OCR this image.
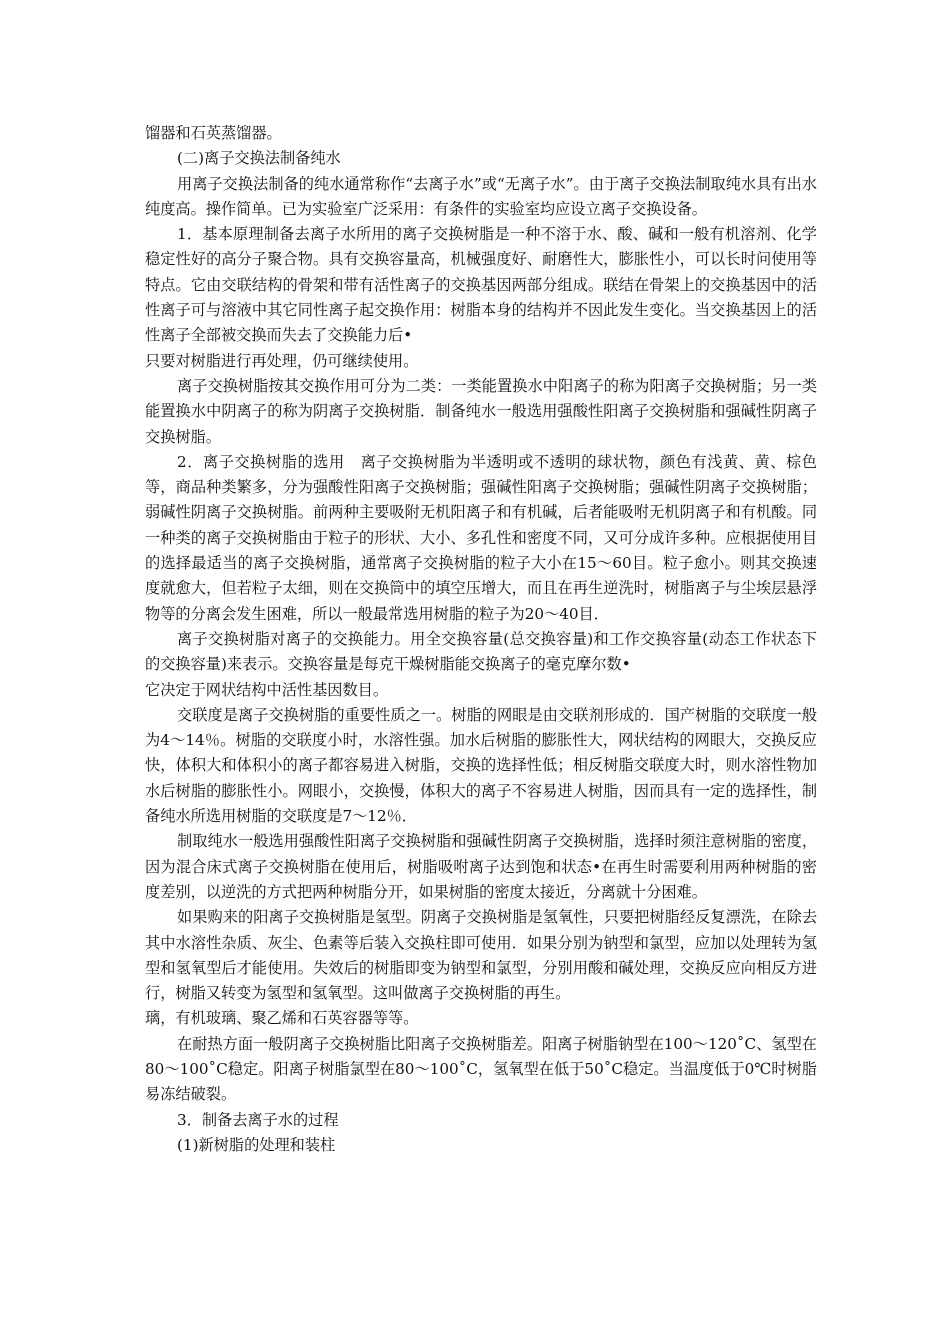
馏器和石英蒸馏器。

(二)离子交换法制备纯水

用离子交换法制备的纯水通常称作“去离子水”或“无离子水”。由于离子交换法制取纯水具有出水纯度高。操作简单。已为实验室广泛采用：有条件的实验室均应设立离子交换设备。

1．基本原理制备去离子水所用的离子交换树脂是一种不溶于水、酸、碱和一般有机溶剂、化学稳定性好的高分子聚合物。具有交换容量高，机械强度好、耐磨性大，膨胀性小，可以长时问使用等特点。它由交联结构的骨架和带有活性离子的交换基因两部分组成。联结在骨架上的交换基因中的活性离子可与溶液中其它同性离子起交换作用：树脂本身的结构并不因此发生变化。当交换基因上的活性离子全部被交换而失去了交换能力后•

只要对树脂进行再处理，仍可继续使用。

离子交换树脂按其交换作用可分为二类：一类能置换水中阳离子的称为阳离子交换树脂；另一类能置换水中阴离子的称为阴离子交换树脂．制备纯水一般选用强酸性阳离子交换树脂和强碱性阴离子交换树脂。

2．离子交换树脂的选用　离子交换树脂为半透明或不透明的球状物，颜色有浅黄、黄、棕色等，商品种类繁多，分为强酸性阳离子交换树脂；强碱性阳离子交换树脂；强碱性阴离子交换树脂；弱碱性阴离子交换树脂。前两种主要吸附无机阳离子和有机碱，后者能吸咐无机阴离子和有机酸。同一种类的离子交换树脂由于粒子的形状、大小、多孔性和密度不同，又可分成许多种。应根据使用目的选择最适当的离子交换树脂，通常离子交换树脂的粒子大小在15～60目。粒子愈小。则其交换速度就愈大，但若粒子太细，则在交换筒中的填空压增大，而且在再生逆洗时，树脂离子与尘埃层悬浮物等的分离会发生困难，所以一般最常选用树脂的粒子为20～40目．

离子交换树脂对离子的交换能力。用全交换容量(总交换容量)和工作交换容量(动态工作状态下的交换容量)来表示。交换容量是每克干燥树脂能交换离子的毫克摩尔数•

它决定于网状结构中活性基因数目。

交联度是离子交换树脂的重要性质之一。树脂的网眼是由交联剂形成的．国产树脂的交联度一般为4～14％。树脂的交联度小时，水溶性强。加水后树脂的膨胀性大，网状结构的网眼大，交换反应快，体积大和体积小的离子都容易进入树脂，交换的选择性低；相反树脂交联度大时，则水溶性物加水后树脂的膨胀性小。网眼小，交换慢，体积大的离子不容易进人树脂，因而具有一定的选择性，制备纯水所选用树脂的交联度是7～12％．

制取纯水一般选用强酸性阳离子交换树脂和强碱性阴离子交换树脂，选择时须注意树脂的密度，因为混合床式离子交换树脂在使用后，树脂吸咐离子达到饱和状态•在再生时需要利用两种树脂的密度差别，以逆洗的方式把两种树脂分开，如果树脂的密度太接近，分离就十分困难。

如果购来的阳离子交换树脂是氢型。阴离子交换树脂是氢氧性，只要把树脂经反复漂洗，在除去其中水溶性杂质、灰尘、色素等后装入交换柱即可使用．如果分别为钠型和氯型，应加以处理转为氢型和氢氧型后才能使用。失效后的树脂即变为钠型和氯型，分别用酸和碱处理，交换反应向相反方进行，树脂又转变为氢型和氢氧型。这叫做离子交换树脂的再生。

璃，有机玻璃、聚乙烯和石英容器等等。

在耐热方面一般阴离子交换树脂比阳离子交换树脂差。阳离子树脂钠型在100～120˚C、氢型在80～100˚C稳定。阳离子树脂氯型在80～100˚C，氢氧型在低于50˚C稳定。当温度低于0℃时树脂易冻结破裂。

3．制备去离子水的过程

(1)新树脂的处理和装柱
